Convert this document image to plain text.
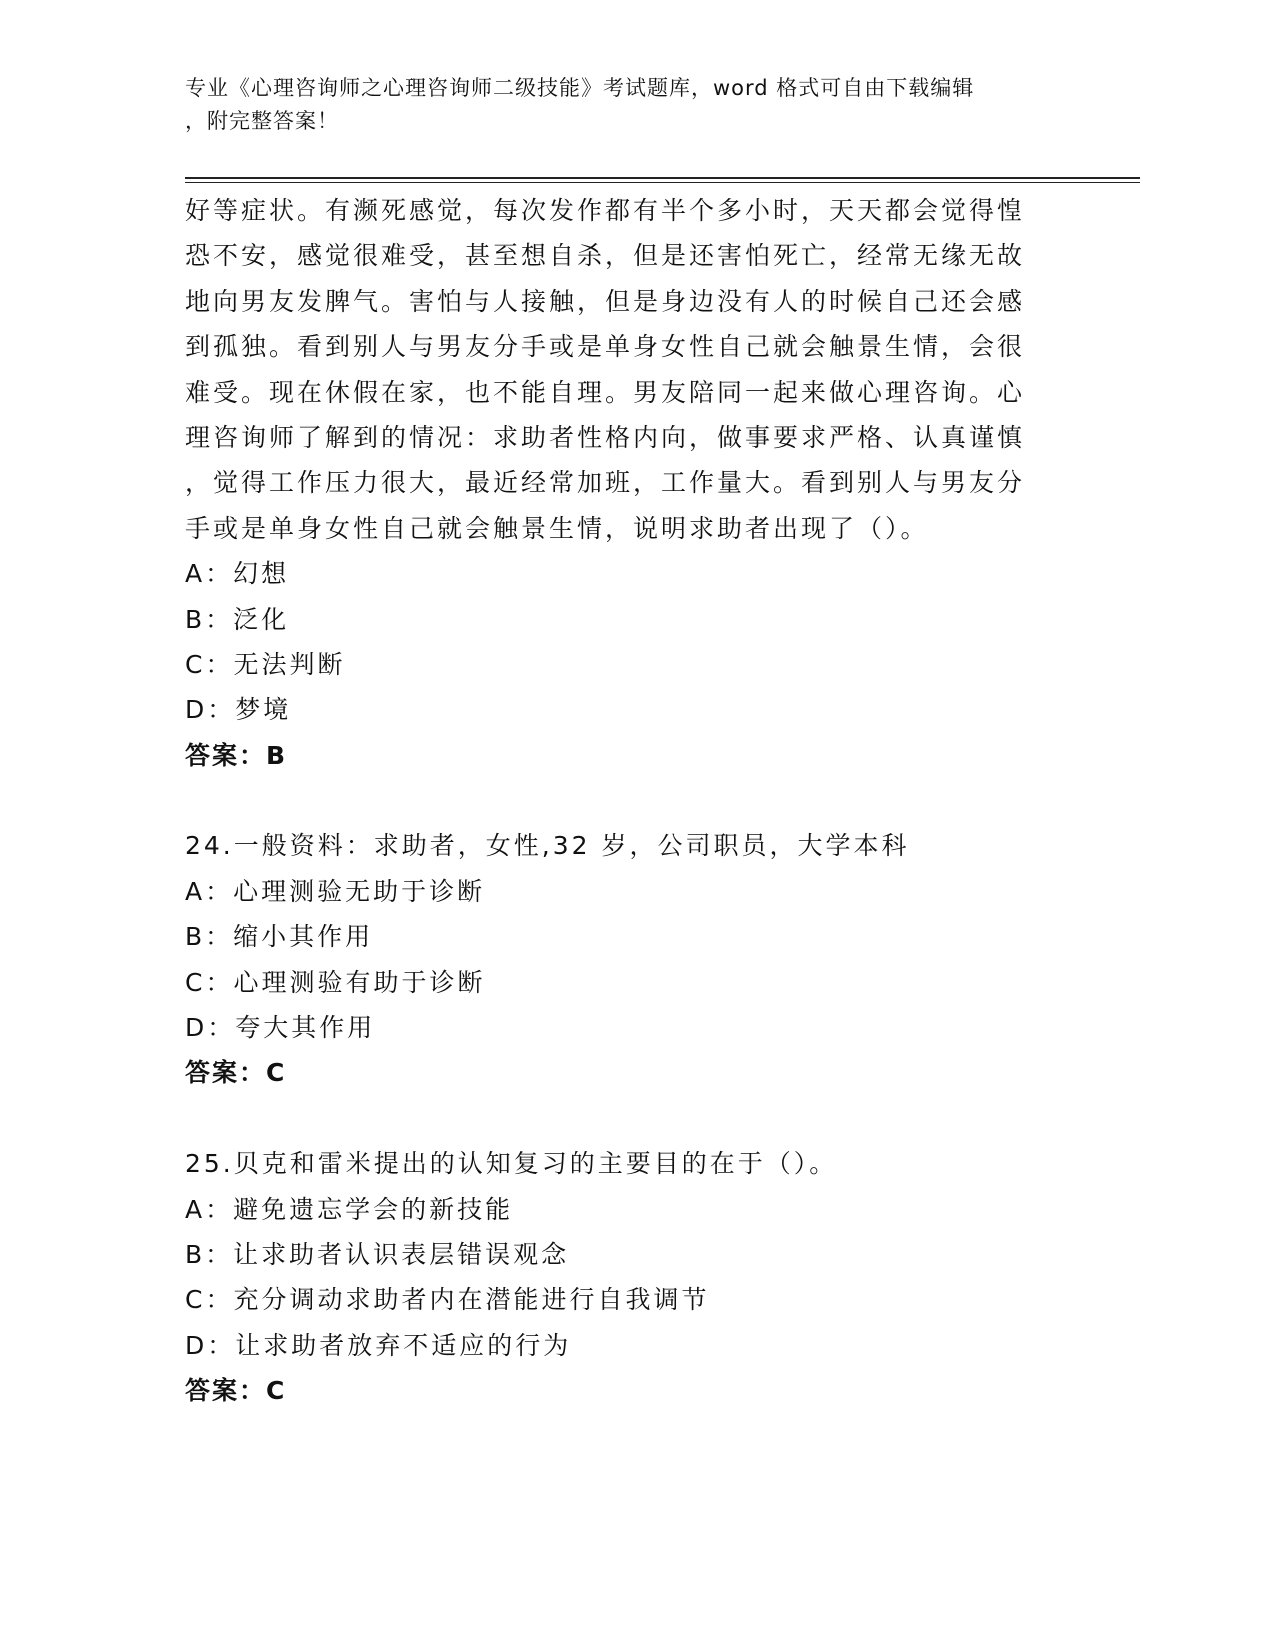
专业《心理咨询师之心理咨询师二级技能》考试题库，word 格式可自由下载编辑
，附完整答案！
好等症状。有濒死感觉，每次发作都有半个多小时，天天都会觉得惶
恐不安，感觉很难受，甚至想自杀，但是还害怕死亡，经常无缘无故
地向男友发脾气。害怕与人接触，但是身边没有人的时候自己还会感
到孤独。看到别人与男友分手或是单身女性自己就会触景生情，会很
难受。现在休假在家，也不能自理。男友陪同一起来做心理咨询。心
理咨询师了解到的情况：求助者性格内向，做事要求严格、认真谨慎
，觉得工作压力很大，最近经常加班，工作量大。看到别人与男友分
手或是单身女性自己就会触景生情，说明求助者出现了（）。
A：幻想
B：泛化
C：无法判断
D：梦境
答案：B
24.一般资料：求助者，女性,32 岁，公司职员，大学本科
A：心理测验无助于诊断
B：缩小其作用
C：心理测验有助于诊断
D：夸大其作用
答案：C
25.贝克和雷米提出的认知复习的主要目的在于（）。
A：避免遗忘学会的新技能
B：让求助者认识表层错误观念
C：充分调动求助者内在潜能进行自我调节
D：让求助者放弃不适应的行为
答案：C
